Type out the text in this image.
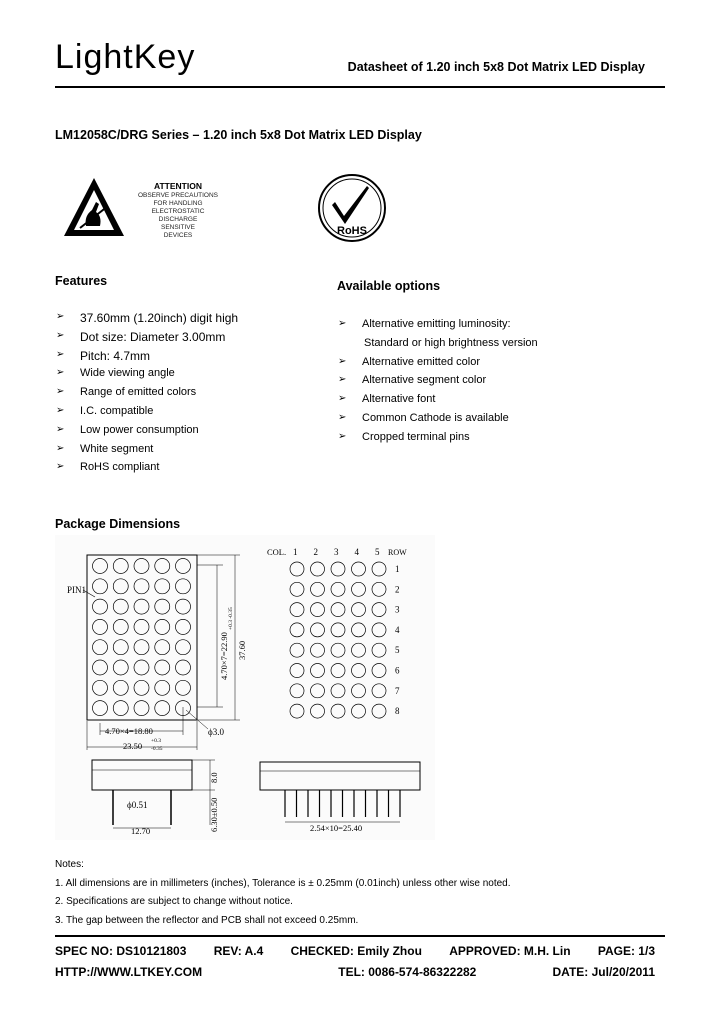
LightKey	Datasheet of 1.20 inch 5x8 Dot Matrix LED Display
LM12058C/DRG Series – 1.20 inch 5x8 Dot Matrix LED Display
ATTENTION
OBSERVE PRECAUTIONS
FOR HANDLING
ELECTROSTATIC
DISCHARGE
SENSITIVE
DEVICES	RoHS
Features
➢ 37.60mm (1.20inch) digit high
➢ Dot size: Diameter 3.00mm
➢ Pitch: 4.7mm
➢ Wide viewing angle
➢ Range of emitted colors
➢ I.C. compatible
➢ Low power consumption
➢ White segment
➢ RoHS compliant
Available options
➢ Alternative emitting luminosity:
Standard or high brightness version
➢ Alternative emitted color
➢ Alternative segment color
➢ Alternative font
➢ Common Cathode is available
➢ Cropped terminal pins
Package Dimensions
PIN1
4.70×4=18.80
23.50 +0.3
-0.35
4.70×7=22.90 37.60
+0.3 -0.35
ϕ3.0
ϕ0.51
12.70
8.0
6.30±0.50
COL. 1 2 3 4 5 ROW
1
2
3
4
5
6
7
8
2.54×10=25.40
Notes:
1. All dimensions are in millimeters (inches), Tolerance is ± 0.25mm (0.01inch) unless other wise noted.
2. Specifications are subject to change without notice.
3. The gap between the reflector and PCB shall not exceed 0.25mm.
SPEC NO: DS10121803 REV: A.4 CHECKED: Emily Zhou APPROVED: M.H. Lin PAGE: 1/3
HTTP://WWW.LTKEY.COM	TEL: 0086-574-86322282	DATE: Jul/20/2011
